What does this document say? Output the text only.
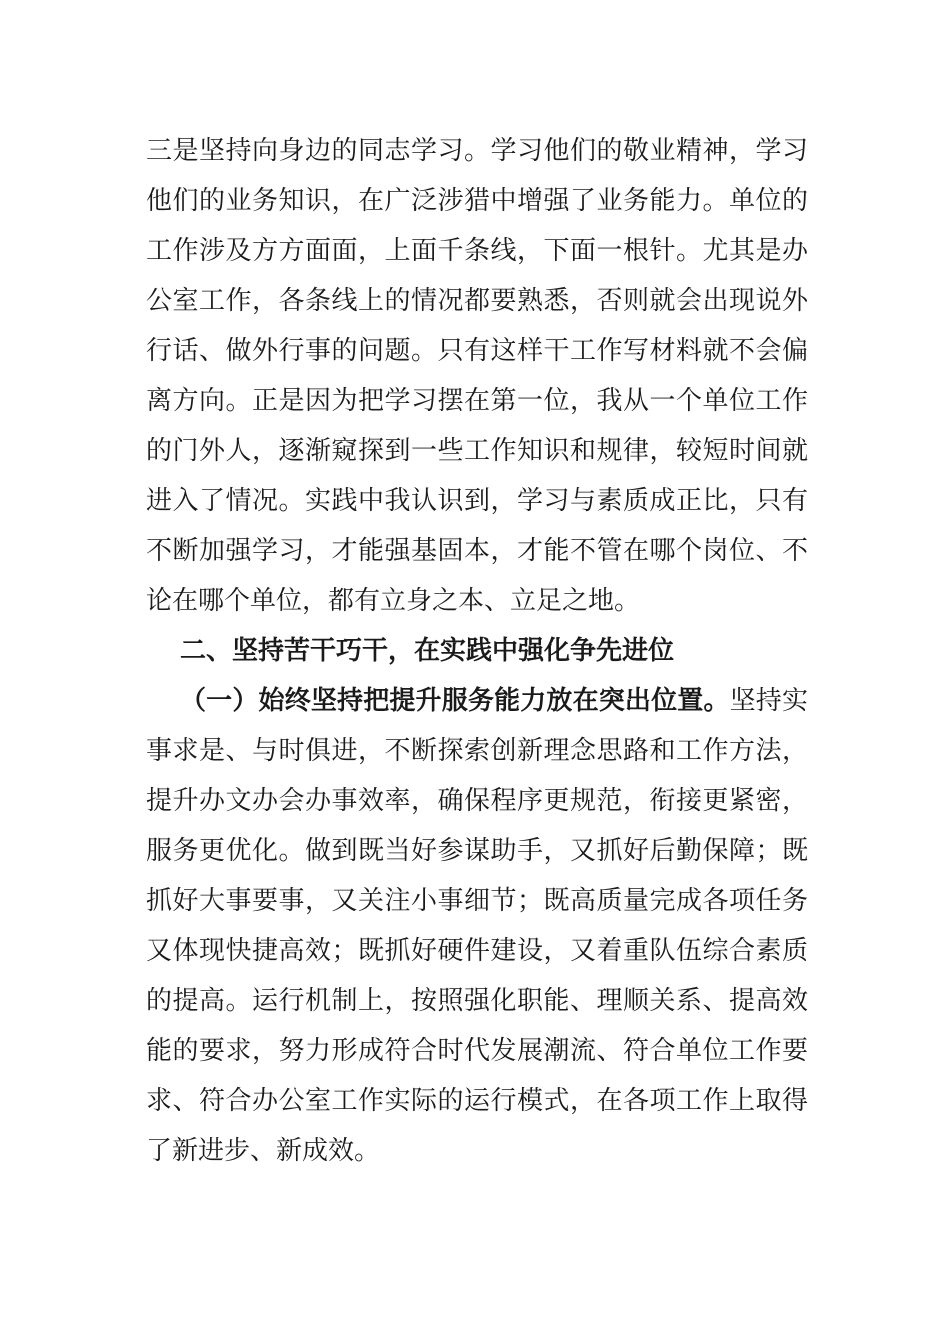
三是坚持向身边的同志学习。学习他们的敬业精神，学习
他们的业务知识，在广泛涉猎中增强了业务能力。单位的
工作涉及方方面面，上面千条线，下面一根针。尤其是办
公室工作，各条线上的情况都要熟悉，否则就会出现说外
行话、做外行事的问题。只有这样干工作写材料就不会偏
离方向。正是因为把学习摆在第一位，我从一个单位工作
的门外人，逐渐窥探到一些工作知识和规律，较短时间就
进入了情况。实践中我认识到，学习与素质成正比，只有
不断加强学习，才能强基固本，才能不管在哪个岗位、不
论在哪个单位，都有立身之本、立足之地。
二、坚持苦干巧干，在实践中强化争先进位
（一）始终坚持把提升服务能力放在突出位置。坚持实
事求是、与时俱进，不断探索创新理念思路和工作方法，
提升办文办会办事效率，确保程序更规范，衔接更紧密，
服务更优化。做到既当好参谋助手，又抓好后勤保障；既
抓好大事要事，又关注小事细节；既高质量完成各项任务
又体现快捷高效；既抓好硬件建设，又着重队伍综合素质
的提高。运行机制上，按照强化职能、理顺关系、提高效
能的要求，努力形成符合时代发展潮流、符合单位工作要
求、符合办公室工作实际的运行模式，在各项工作上取得
了新进步、新成效。
